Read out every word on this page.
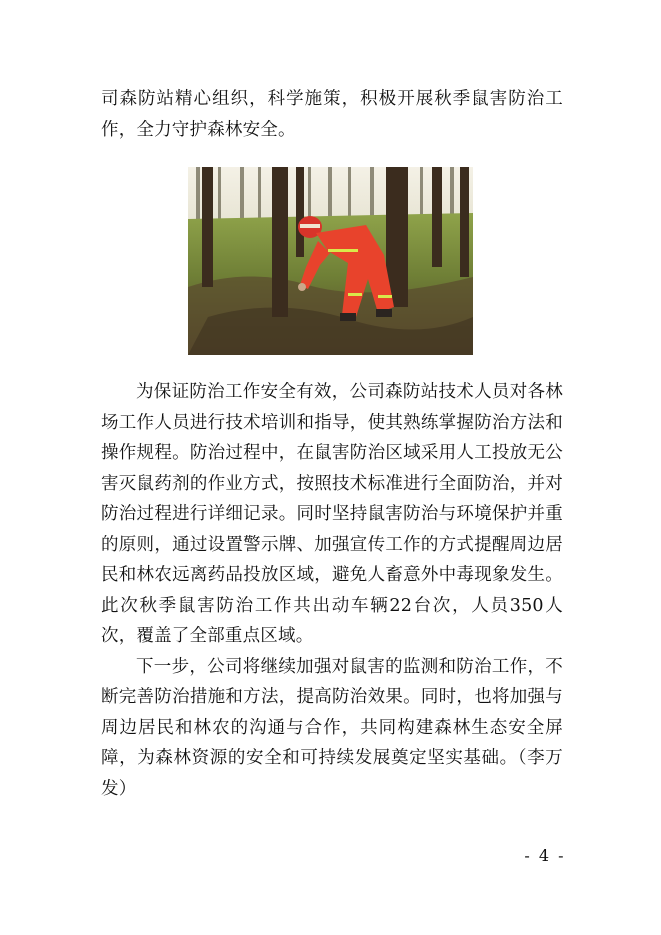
司森防站精心组织，科学施策，积极开展秋季鼠害防治工作，全力守护森林安全。

为保证防治工作安全有效，公司森防站技术人员对各林场工作人员进行技术培训和指导，使其熟练掌握防治方法和操作规程。防治过程中，在鼠害防治区域采用人工投放无公害灭鼠药剂的作业方式，按照技术标准进行全面防治，并对防治过程进行详细记录。同时坚持鼠害防治与环境保护并重的原则，通过设置警示牌、加强宣传工作的方式提醒周边居民和林农远离药品投放区域，避免人畜意外中毒现象发生。此次秋季鼠害防治工作共出动车辆22台次，人员350人次，覆盖了全部重点区域。

下一步，公司将继续加强对鼠害的监测和防治工作，不断完善防治措施和方法，提高防治效果。同时，也将加强与周边居民和林农的沟通与合作，共同构建森林生态安全屏障，为森林资源的安全和可持续发展奠定坚实基础。（李万发）

- 4 -
